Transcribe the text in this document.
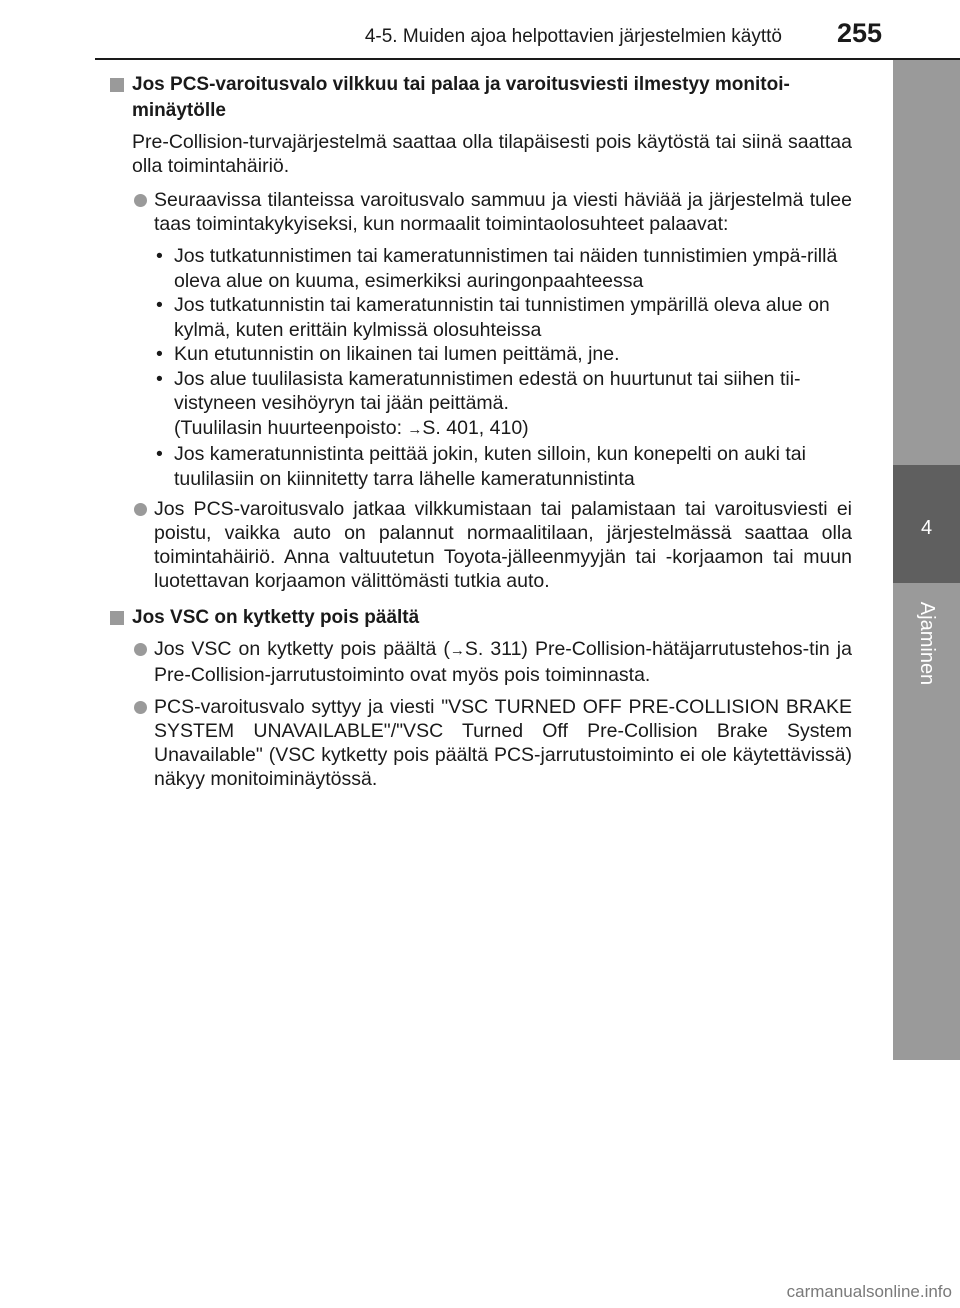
4-5. Muiden ajoa helpottavien järjestelmien käyttö 255
4
Ajaminen
Jos PCS-varoitusvalo vilkkuu tai palaa ja varoitusviesti ilmestyy monitoi-minäytölle
Pre-Collision-turvajärjestelmä saattaa olla tilapäisesti pois käytöstä tai siinä saattaa olla toimintahäiriö.
Seuraavissa tilanteissa varoitusvalo sammuu ja viesti häviää ja järjestelmä tulee taas toimintakykyiseksi, kun normaalit toimintaolosuhteet palaavat:
• Jos tutkatunnistimen tai kameratunnistimen tai näiden tunnistimien ympä-rillä oleva alue on kuuma, esimerkiksi auringonpaahteessa
• Jos tutkatunnistin tai kameratunnistin tai tunnistimen ympärillä oleva alue on kylmä, kuten erittäin kylmissä olosuhteissa
• Kun etutunnistin on likainen tai lumen peittämä, jne.
• Jos alue tuulilasista kameratunnistimen edestä on huurtunut tai siihen tii-vistyneen vesihöyryn tai jään peittämä.
(Tuulilasin huurteenpoisto: →S. 401, 410)
• Jos kameratunnistinta peittää jokin, kuten silloin, kun konepelti on auki tai tuulilasiin on kiinnitetty tarra lähelle kameratunnistinta
Jos PCS-varoitusvalo jatkaa vilkkumistaan tai palamistaan tai varoitusviesti ei poistu, vaikka auto on palannut normaalitilaan, järjestelmässä saattaa olla toimintahäiriö. Anna valtuutetun Toyota-jälleenmyyjän tai -korjaamon tai muun luotettavan korjaamon välittömästi tutkia auto.
Jos VSC on kytketty pois päältä
Jos VSC on kytketty pois päältä (→S. 311) Pre-Collision-hätäjarrutustehos-tin ja Pre-Collision-jarrutustoiminto ovat myös pois toiminnasta.
PCS-varoitusvalo syttyy ja viesti "VSC TURNED OFF PRE-COLLISION BRAKE SYSTEM UNAVAILABLE"/"VSC Turned Off Pre-Collision Brake System Unavailable" (VSC kytketty pois päältä PCS-jarrutustoiminto ei ole käytettävissä) näkyy monitoiminäytössä.
carmanualsonline.info
